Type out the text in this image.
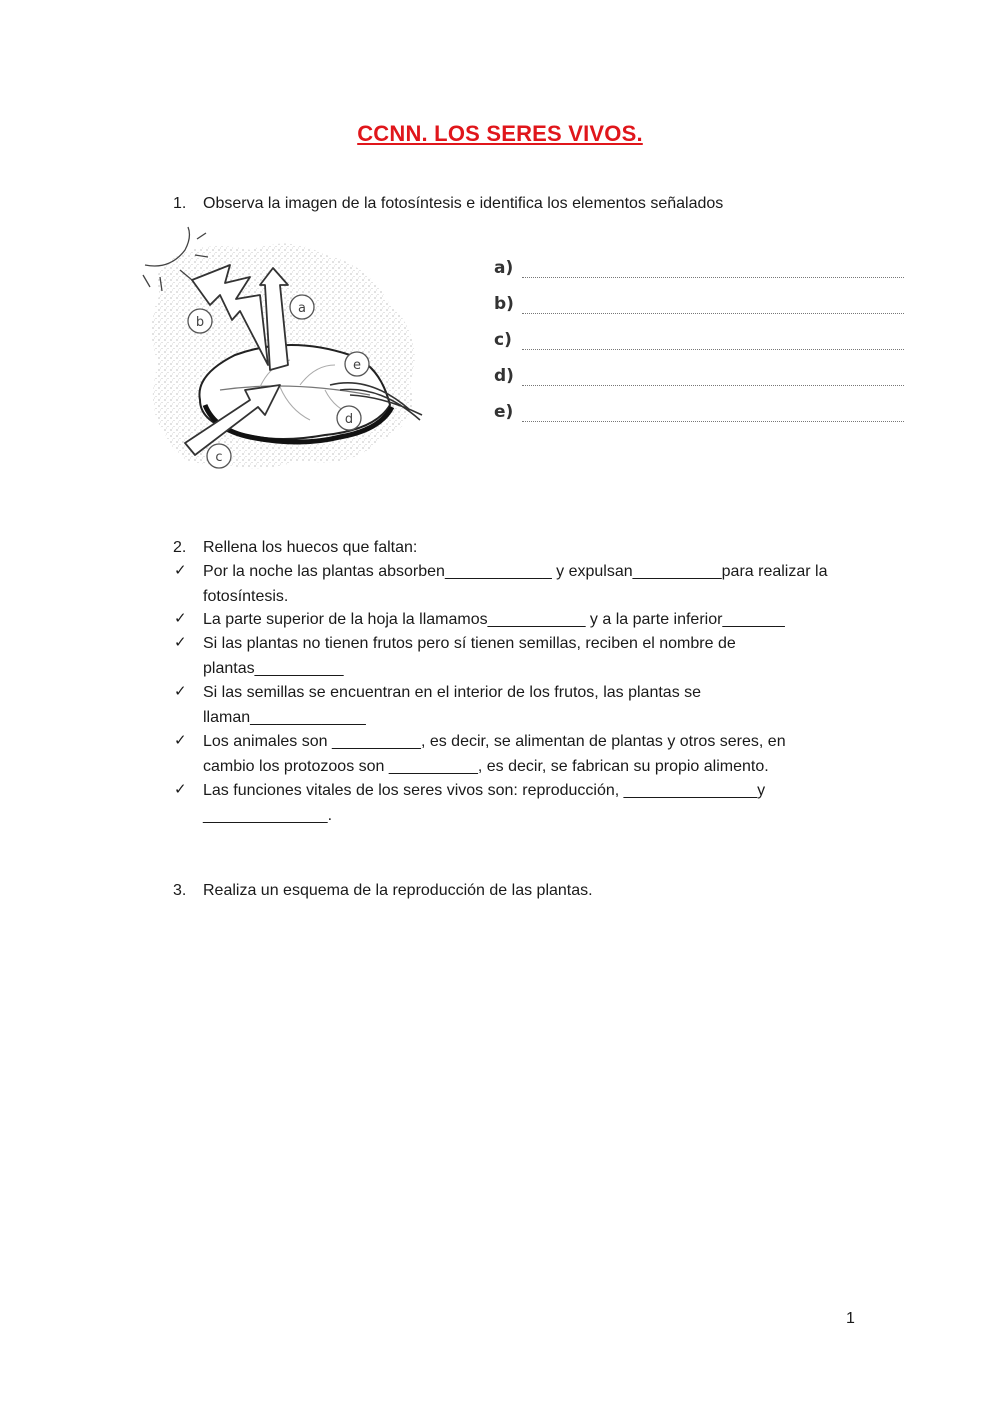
CCNN. LOS SERES VIVOS.
1.	Observa la imagen de la fotosíntesis e identifica los elementos señalados
a
b
c
d
e
a)
b)
c)
d)
e)
2.	Rellena los huecos que faltan:
✓ Por la noche las plantas absorben____________ y expulsan__________para realizar la
fotosíntesis.
✓ La parte superior de la hoja la llamamos___________ y a la parte inferior_______
✓ Si las plantas no tienen frutos pero sí tienen semillas, reciben el nombre de
plantas__________
✓ Si las semillas se encuentran en el interior de los frutos, las plantas se
llaman_____________
✓ Los animales son __________, es decir, se alimentan de plantas y otros seres, en
cambio los protozoos son __________, es decir, se fabrican su propio alimento.
✓ Las funciones vitales de los seres vivos son: reproducción, _______________y
______________.
3.	Realiza un esquema de la reproducción de las plantas.
1
